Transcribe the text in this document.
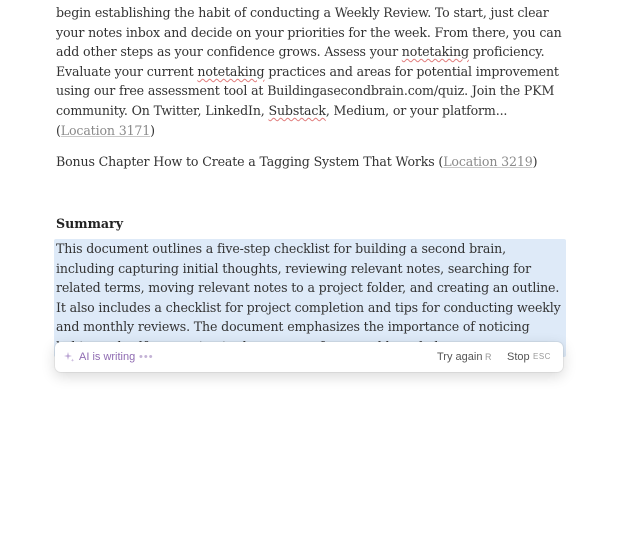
begin establishing the habit of conducting a Weekly Review. To start, just clear your notes inbox and decide on your priorities for the week. From there, you can add other steps as your confidence grows. Assess your notetaking proficiency. Evaluate your current notetaking practices and areas for potential improvement using our free assessment tool at Buildingasecondbrain.com/quiz. Join the PKM community. On Twitter, LinkedIn, Substack, Medium, or your platform... (Location 3171)

Bonus Chapter How to Create a Tagging System That Works (Location 3219)

Summary

This document outlines a five-step checklist for building a second brain, including capturing initial thoughts, reviewing relevant notes, searching for related terms, moving relevant notes to a project folder, and creating an outline. It also includes a checklist for project completion and tips for conducting weekly and monthly reviews. The document emphasizes the importance of noticing

AI is writing •••	Try again R Stop ESC
